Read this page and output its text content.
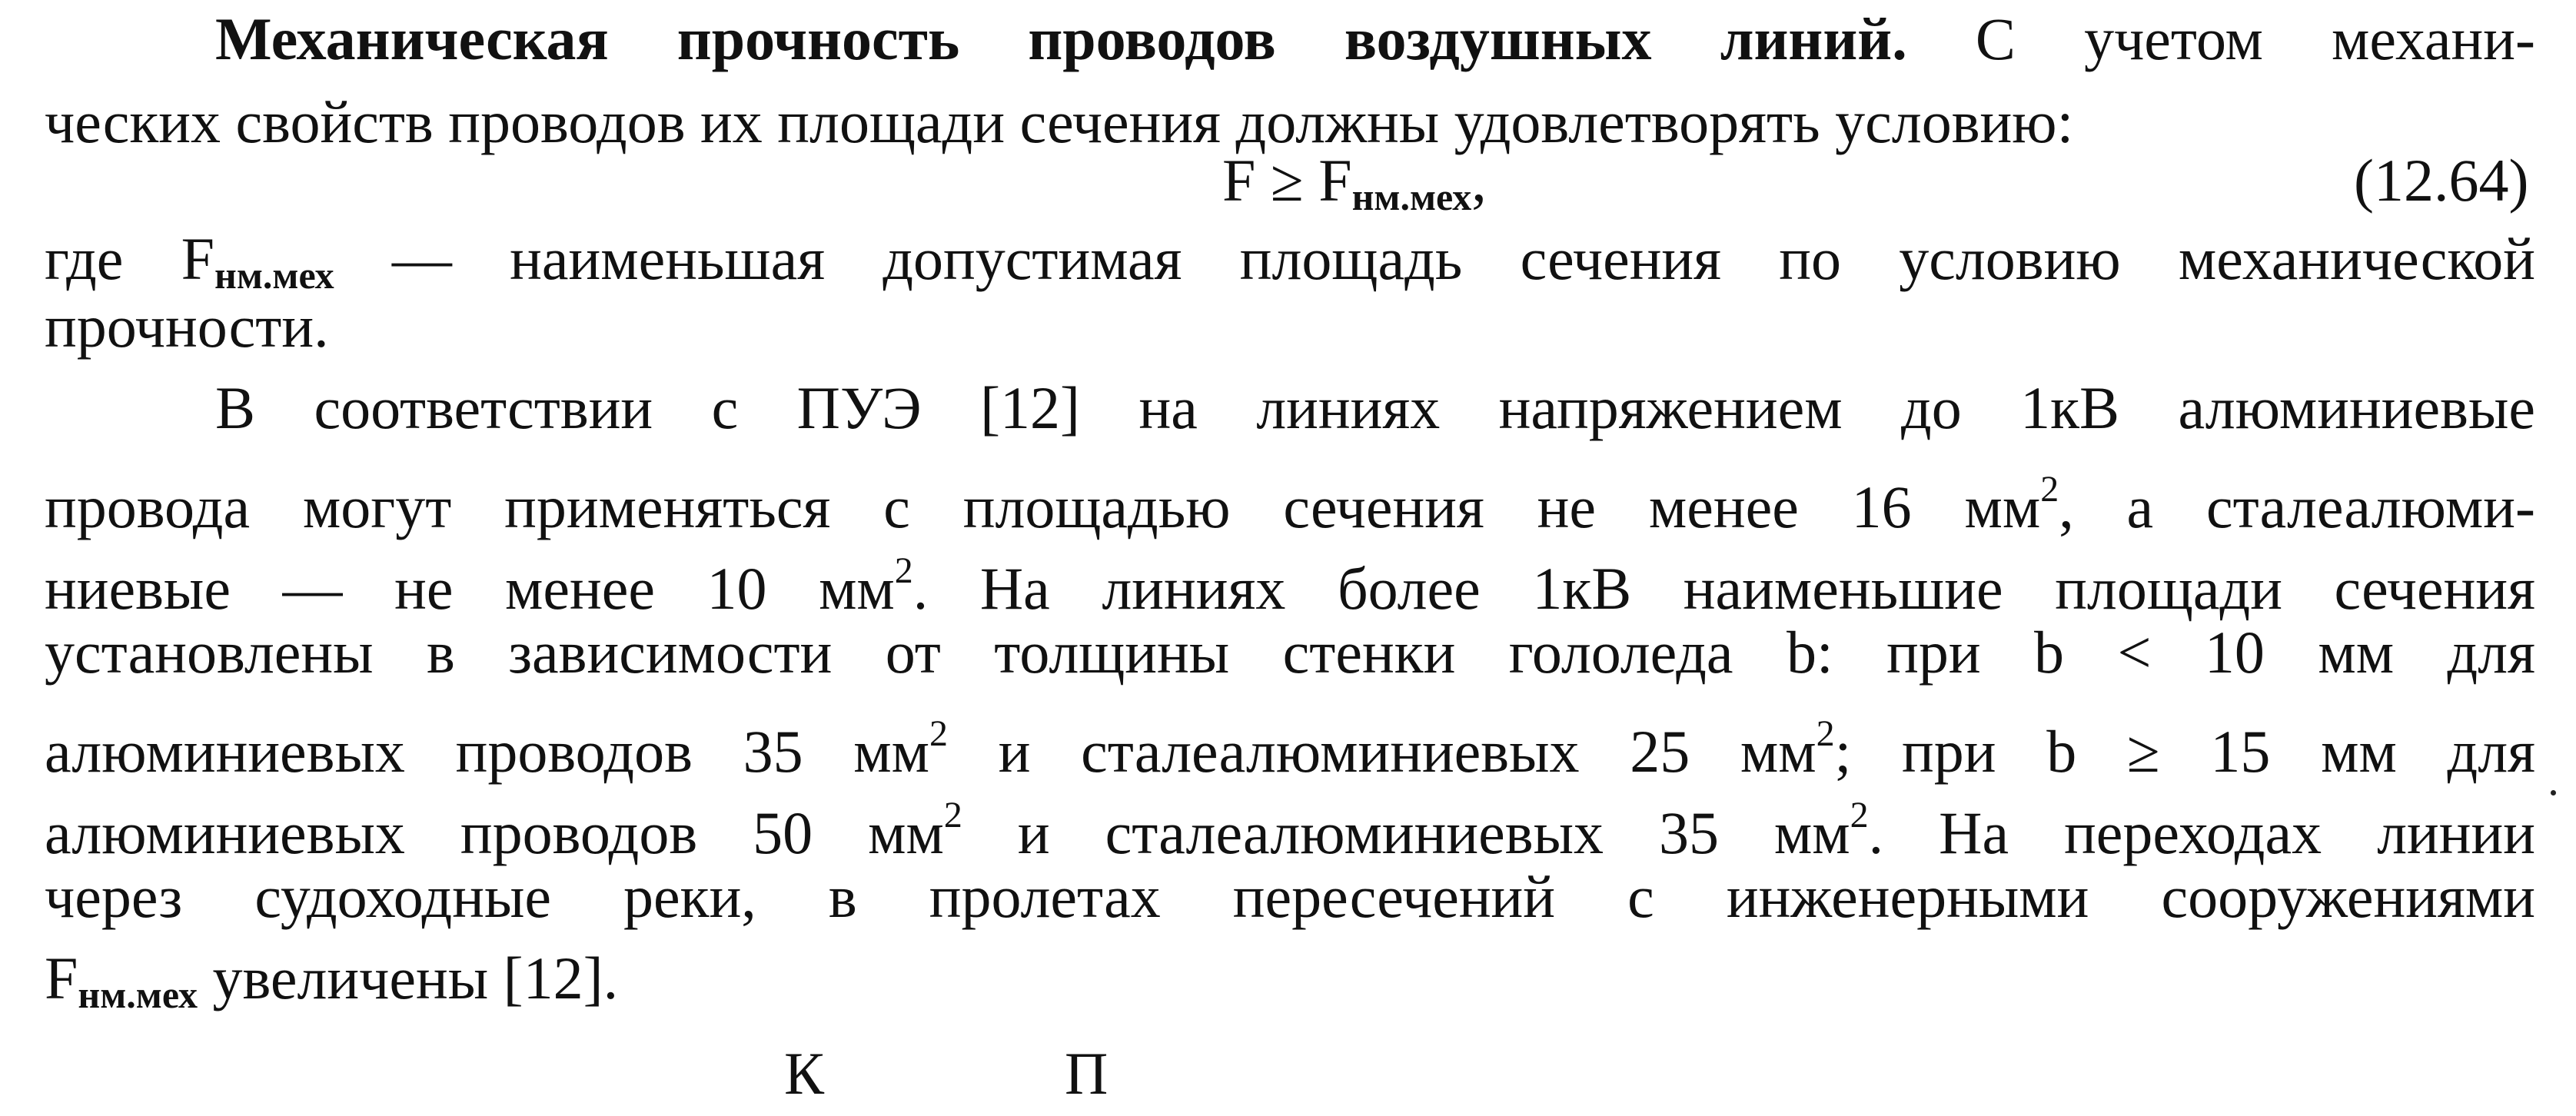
Механическая прочность проводов воздушных линий. С учетом механи-
ческих свойств проводов их площади сечения должны удовлетворять условию:
$F \ge F_{нм.мех}$,	(12.64)
где $F_{нм.мех}$ — наименьшая допустимая площадь сечения по условию механической
прочности.
В соответствии с ПУЭ [12] на линиях напряжением до 1кВ алюминиевые
провода могут применяться с площадью сечения не менее 16 $мм^2$, а сталеалюми-
ниевые — не менее 10 $мм^2$. На линиях более 1кВ наименьшие площади сечения
установлены в зависимости от толщины стенки гололеда b: при b < 10 мм для
алюминиевых проводов 35 $мм^2$ и сталеалюминиевых 25 $мм^2$; при b ≥ 15 мм для
алюминиевых проводов 50 $мм^2$ и сталеалюминиевых 35 $мм^2$. На переходах линии
через судоходные реки, в пролетах пересечений с инженерными сооружениями
$F_{нм.мех}$ увеличены [12].
К	П
